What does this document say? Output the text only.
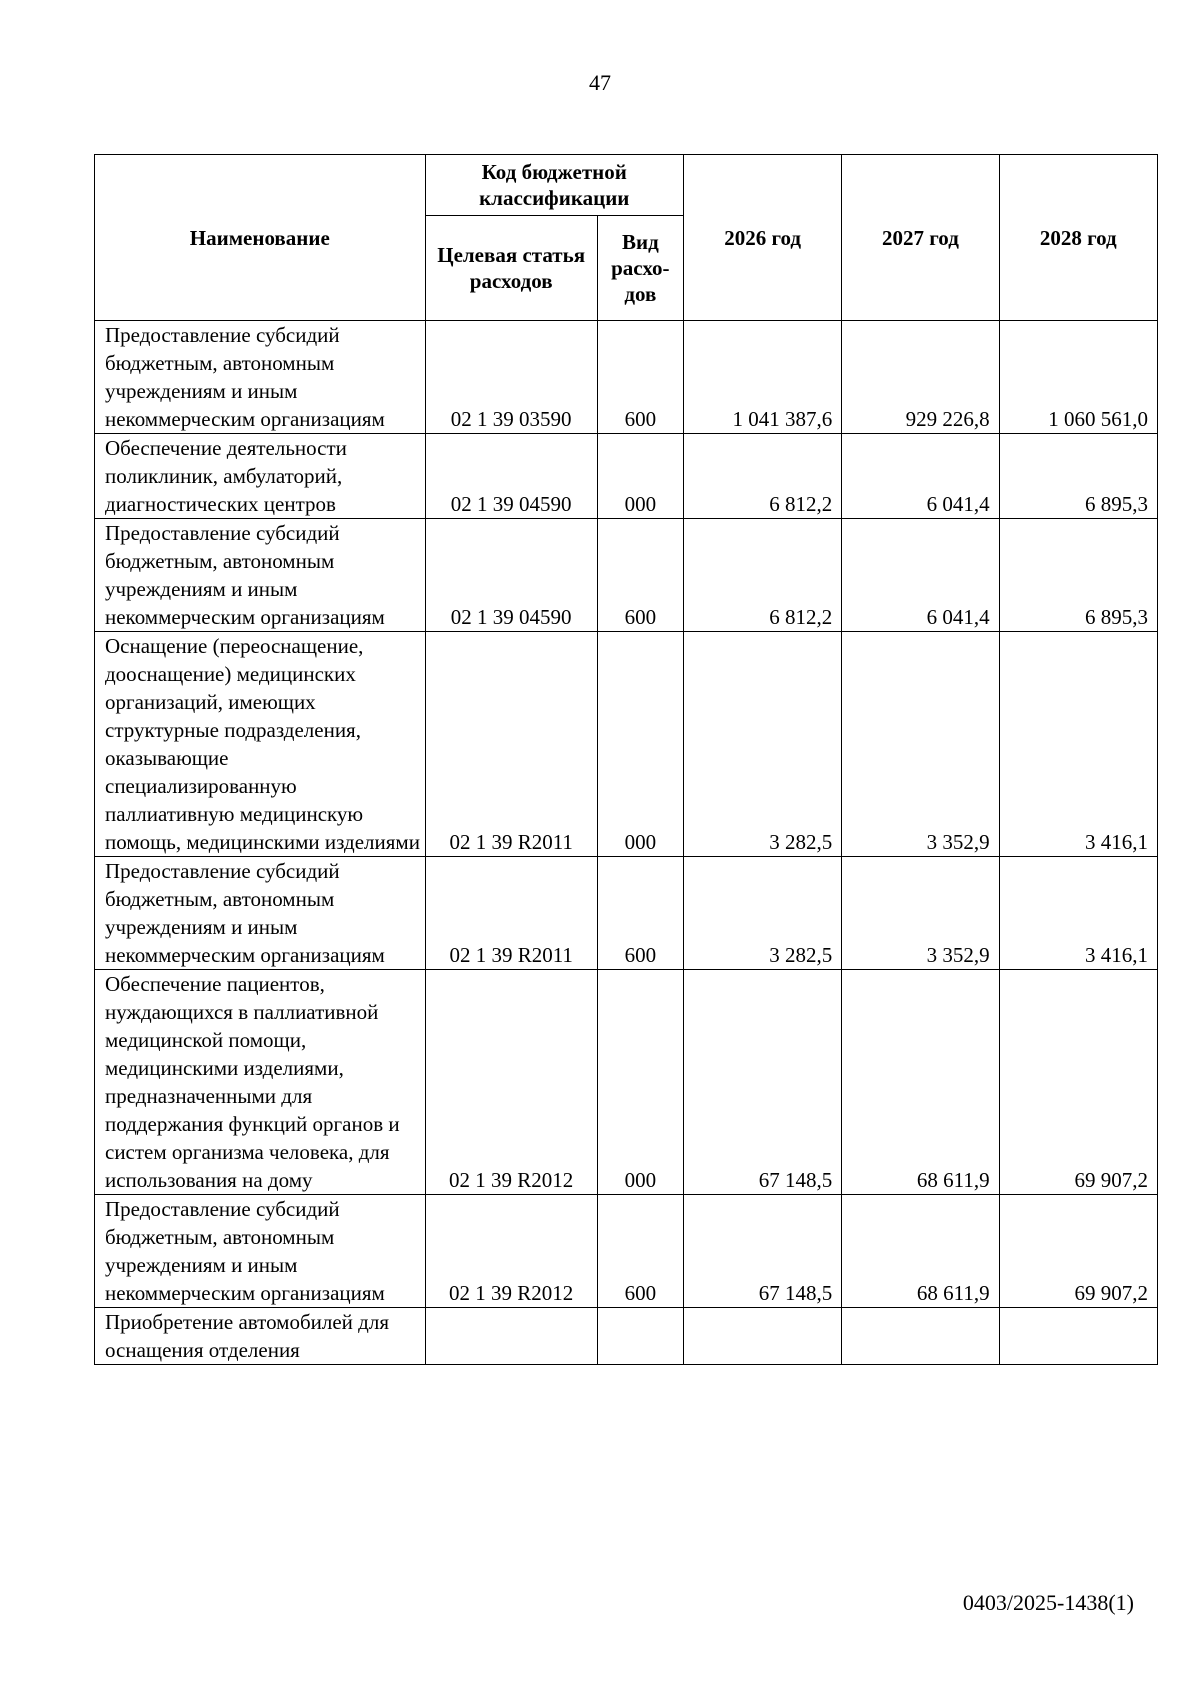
47
Наименование	Код бюджетной классификации		2026 год	2027 год	2028 год
	Целевая статья расходов	Вид расхо-дов			
Предоставление субсидий бюджетным, автономным учреждениям и иным некоммерческим организациям	02 1 39 03590	600	1 041 387,6	929 226,8	1 060 561,0
Обеспечение деятельности поликлиник, амбулаторий, диагностических центров	02 1 39 04590	000	6 812,2	6 041,4	6 895,3
Предоставление субсидий бюджетным, автономным учреждениям и иным некоммерческим организациям	02 1 39 04590	600	6 812,2	6 041,4	6 895,3
Оснащение (переоснащение, дооснащение) медицинских организаций, имеющих структурные подразделения, оказывающие специализированную паллиативную медицинскую помощь, медицинскими изделиями	02 1 39 R2011	000	3 282,5	3 352,9	3 416,1
Предоставление субсидий бюджетным, автономным учреждениям и иным некоммерческим организациям	02 1 39 R2011	600	3 282,5	3 352,9	3 416,1
Обеспечение пациентов, нуждающихся в паллиативной медицинской помощи, медицинскими изделиями, предназначенными для поддержания функций органов и систем организма человека, для использования на дому	02 1 39 R2012	000	67 148,5	68 611,9	69 907,2
Предоставление субсидий бюджетным, автономным учреждениям и иным некоммерческим организациям	02 1 39 R2012	600	67 148,5	68 611,9	69 907,2
Приобретение автомобилей для оснащения отделения					
0403/2025-1438(1)
